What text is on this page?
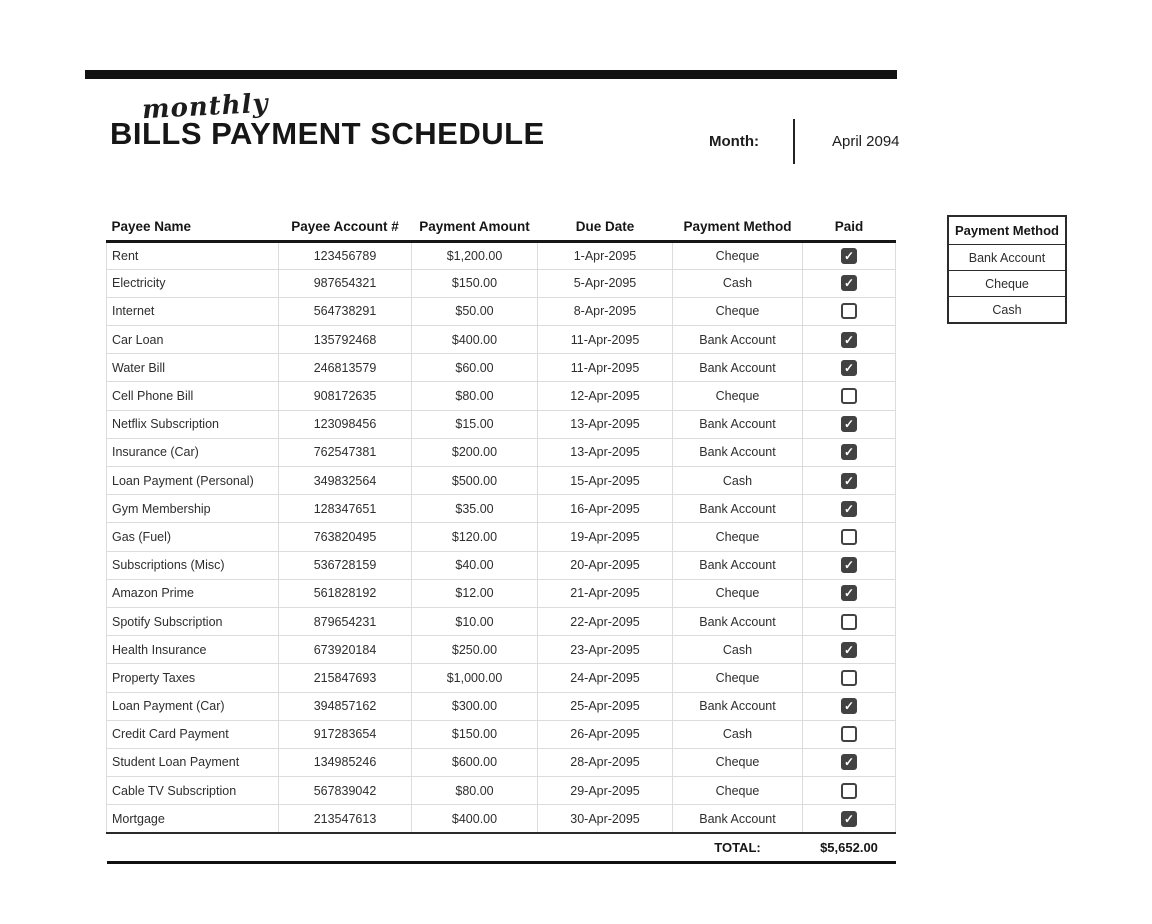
monthly
BILLS PAYMENT SCHEDULE	Month:	April 2094
Payee Name	Payee Account #	Payment Amount	Due Date	Payment Method	Paid
Rent	123456789	$1,200.00	1-Apr-2095	Cheque	✓
Electricity	987654321	$150.00	5-Apr-2095	Cash	✓
Internet	564738291	$50.00	8-Apr-2095	Cheque	
Car Loan	135792468	$400.00	11-Apr-2095	Bank Account	✓
Water Bill	246813579	$60.00	11-Apr-2095	Bank Account	✓
Cell Phone Bill	908172635	$80.00	12-Apr-2095	Cheque	
Netflix Subscription	123098456	$15.00	13-Apr-2095	Bank Account	✓
Insurance (Car)	762547381	$200.00	13-Apr-2095	Bank Account	✓
Loan Payment (Personal)	349832564	$500.00	15-Apr-2095	Cash	✓
Gym Membership	128347651	$35.00	16-Apr-2095	Bank Account	✓
Gas (Fuel)	763820495	$120.00	19-Apr-2095	Cheque	
Subscriptions (Misc)	536728159	$40.00	20-Apr-2095	Bank Account	✓
Amazon Prime	561828192	$12.00	21-Apr-2095	Cheque	✓
Spotify Subscription	879654231	$10.00	22-Apr-2095	Bank Account	
Health Insurance	673920184	$250.00	23-Apr-2095	Cash	✓
Property Taxes	215847693	$1,000.00	24-Apr-2095	Cheque	
Loan Payment (Car)	394857162	$300.00	25-Apr-2095	Bank Account	✓
Credit Card Payment	917283654	$150.00	26-Apr-2095	Cash	
Student Loan Payment	134985246	$600.00	28-Apr-2095	Cheque	✓
Cable TV Subscription	567839042	$80.00	29-Apr-2095	Cheque	
Mortgage	213547613	$400.00	30-Apr-2095	Bank Account	✓
				TOTAL:	$5,652.00
Payment Method
Bank Account
Cheque
Cash
